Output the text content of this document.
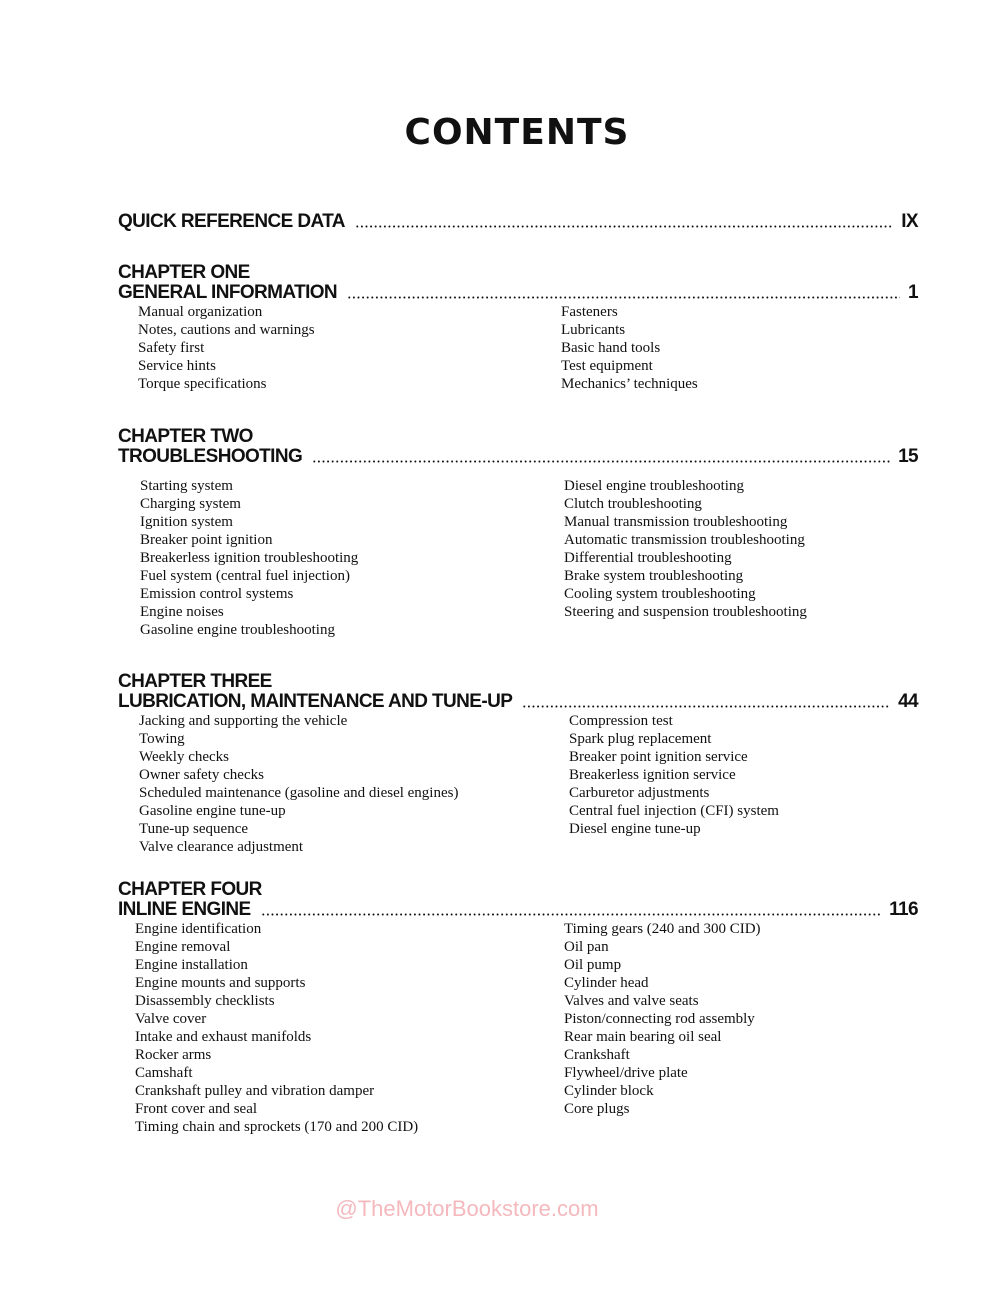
CONTENTS
QUICK REFERENCE DATA	IX
CHAPTER ONE
GENERAL INFORMATION	1
Manual organization
Notes, cautions and warnings
Safety first
Service hints
Torque specifications
Fasteners
Lubricants
Basic hand tools
Test equipment
Mechanics’ techniques
CHAPTER TWO
TROUBLESHOOTING	15
Starting system
Charging system
Ignition system
Breaker point ignition
Breakerless ignition troubleshooting
Fuel system (central fuel injection)
Emission control systems
Engine noises
Gasoline engine troubleshooting
Diesel engine troubleshooting
Clutch troubleshooting
Manual transmission troubleshooting
Automatic transmission troubleshooting
Differential troubleshooting
Brake system troubleshooting
Cooling system troubleshooting
Steering and suspension troubleshooting
CHAPTER THREE
LUBRICATION, MAINTENANCE AND TUNE-UP	44
Jacking and supporting the vehicle
Towing
Weekly checks
Owner safety checks
Scheduled maintenance (gasoline and diesel engines)
Gasoline engine tune-up
Tune-up sequence
Valve clearance adjustment
Compression test
Spark plug replacement
Breaker point ignition service
Breakerless ignition service
Carburetor adjustments
Central fuel injection (CFI) system
Diesel engine tune-up
CHAPTER FOUR
INLINE ENGINE	116
Engine identification
Engine removal
Engine installation
Engine mounts and supports
Disassembly checklists
Valve cover
Intake and exhaust manifolds
Rocker arms
Camshaft
Crankshaft pulley and vibration damper
Front cover and seal
Timing chain and sprockets (170 and 200 CID)
Timing gears (240 and 300 CID)
Oil pan
Oil pump
Cylinder head
Valves and valve seats
Piston/connecting rod assembly
Rear main bearing oil seal
Crankshaft
Flywheel/drive plate
Cylinder block
Core plugs
@TheMotorBookstore.com
